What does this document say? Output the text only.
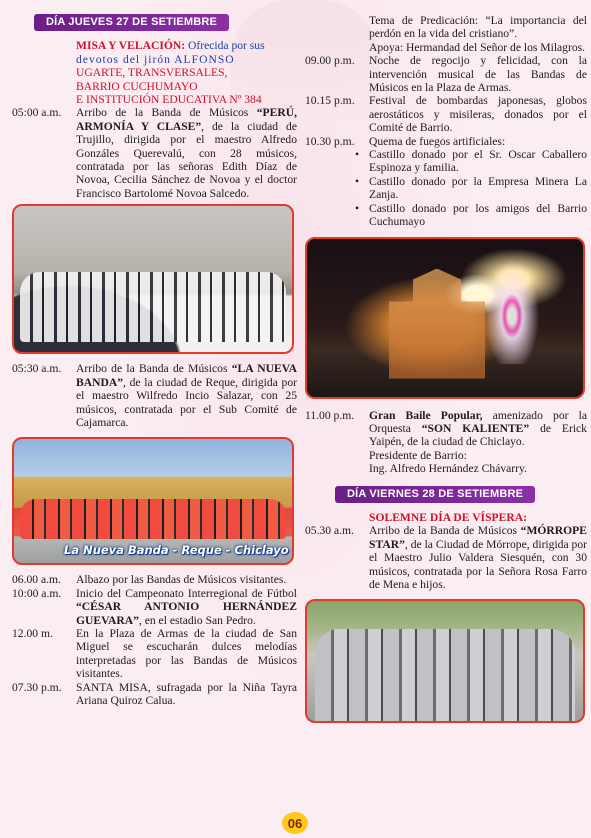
DÍA JUEVES 27 DE SETIEMBRE
MISA Y VELACIÓN: Ofrecida por sus
devotos del jirón ALFONSO
UGARTE, TRANSVERSALES,
BARRIO CUCHUMAYO
E INSTITUCIÓN EDUCATIVA Nº 384
05:00 a.m.	Arribo de la Banda de Músicos “PERÚ, ARMONÍA Y CLASE”, de la ciudad de Trujillo, dirigida por el maestro Alfredo Gonzáles Querevalú, con 28 músicos, contratada por las señoras Edith Díaz de Novoa, Cecilia Sánchez de Novoa y el doctor Francisco Bartolomé Novoa Salcedo.
05:30 a.m.	Arribo de la Banda de Músicos “LA NUEVA BANDA”, de la ciudad de Reque, dirigida por el maestro Wilfredo Incio Salazar, con 25 músicos, contratada por el Sub Comité de Cajamarca.
La Nueva Banda - Reque - Chiclayo
06.00 a.m.	Albazo por las Bandas de Músicos visitantes.
10:00 a.m.	Inicio del Campeonato Interregional de Fútbol “CÉSAR ANTONIO HERNÁNDEZ GUEVARA”, en el estadio San Pedro.
12.00 m.	En la Plaza de Armas de la ciudad de San Miguel se escucharán dulces melodías interpretadas por las Bandas de Músicos visitantes.
07.30 p.m.	SANTA MISA, sufragada por la Niña Tayra Ariana Quiroz Calua.
Tema de Predicación: “La importancia del perdón en la vida del cristiano”.
Apoya: Hermandad del Señor de los Milagros.
09.00 p.m.	Noche de regocijo y felicidad, con la intervención musical de las Bandas de Músicos en la Plaza de Armas.
10.15 p.m.	Festival de bombardas japonesas, globos aerostáticos y misileras, donados por el Comité de Barrio.
10.30 p.m.	Quema de fuegos artificiales:
• Castillo donado por el Sr. Oscar Caballero Espinoza y familia.
• Castillo donado por la Empresa Minera La Zanja.
• Castillo donado por los amigos del Barrio Cuchumayo
11.00 p.m.	Gran Baile Popular, amenizado por la Orquesta “SON KALIENTE” de Erick Yaipén, de la ciudad de Chiclayo.
Presidente de Barrio:
Ing. Alfredo Hernández Chávarry.
DÍA VIERNES 28 DE SETIEMBRE
SOLEMNE DÍA DE VÍSPERA:
05.30 a.m.	Arribo de la Banda de Músicos “MÓRROPE STAR”, de la Ciudad de Mórrope, dirigida por el Maestro Julio Valdera Siesquén, con 30 músicos, contratada por la Señora Rosa Farro de Mena e hijos.
06
